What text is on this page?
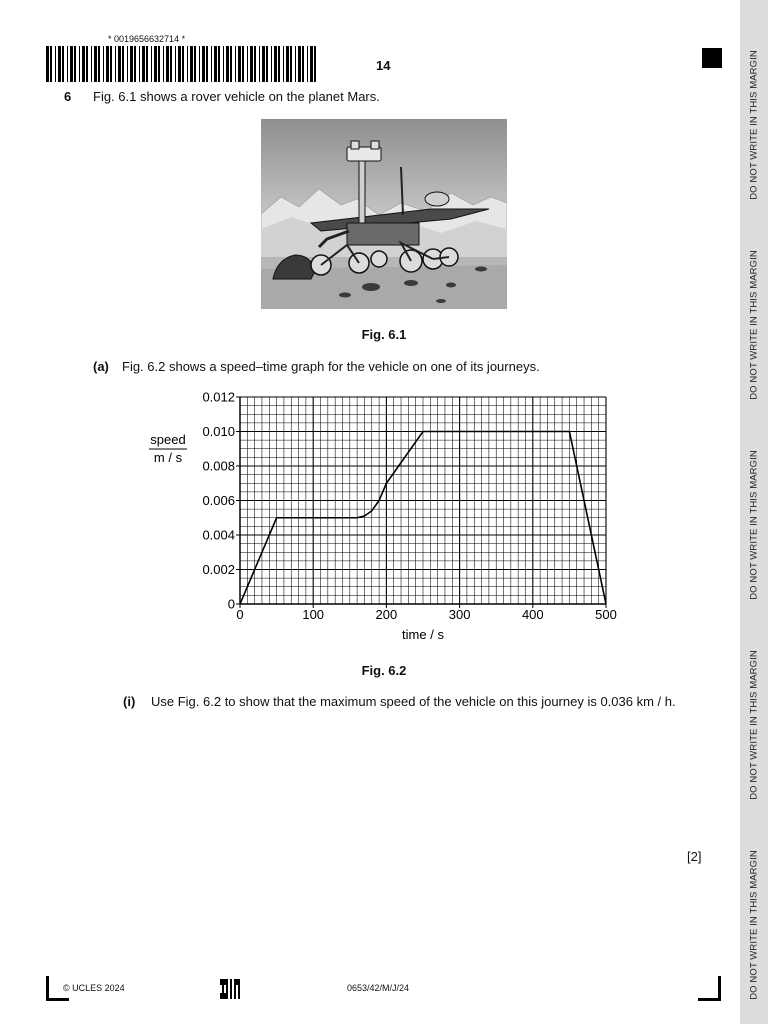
DO NOT WRITE IN THIS MARGIN
DO NOT WRITE IN THIS MARGIN
DO NOT WRITE IN THIS MARGIN
DO NOT WRITE IN THIS MARGIN
DO NOT WRITE IN THIS MARGIN
* 0019656632714 *
14
6 Fig. 6.1 shows a rover vehicle on the planet Mars.
Fig. 6.1
(a) Fig. 6.2 shows a speed–time graph for the vehicle on one of its journeys.
0	100	200	300	400	500
0
0.002
0.004
0.006
0.008
0.010
0.012
speed
m / s
time / s
Fig. 6.2
(i) Use Fig. 6.2 to show that the maximum speed of the vehicle on this journey is 0.036 km / h.
[2]
© UCLES 2024	0653/42/M/J/24
